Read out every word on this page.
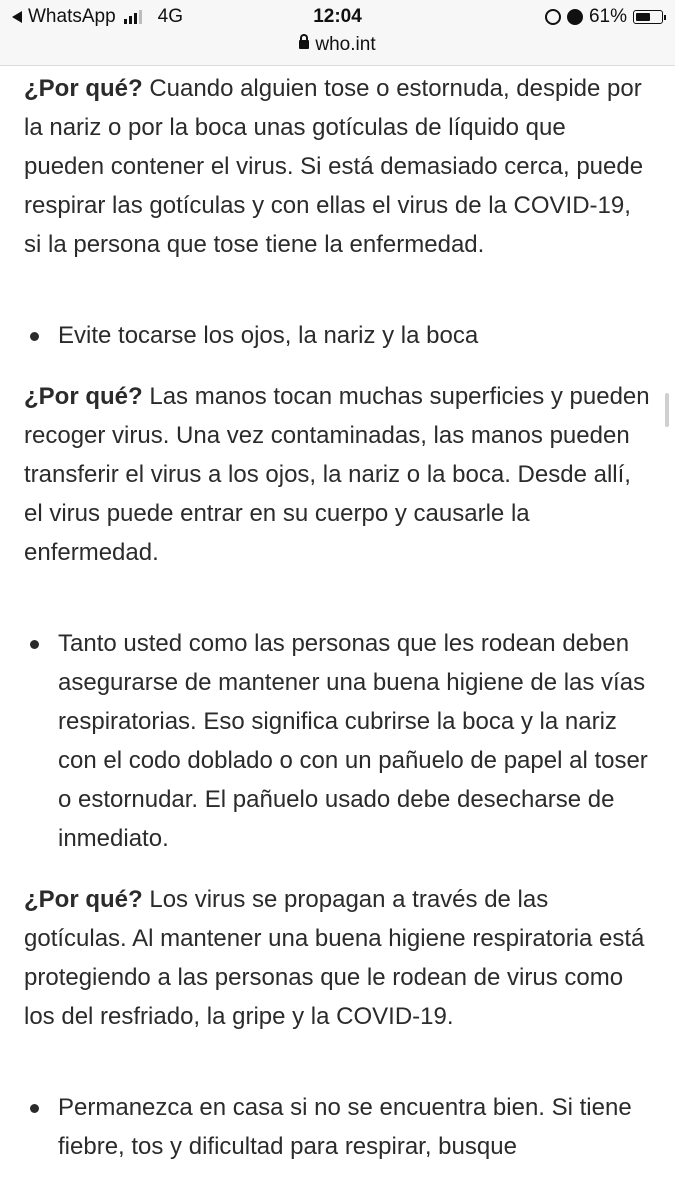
WhatsApp 4G	12:04	61%
who.int

¿Por qué? Cuando alguien tose o estornuda, despide por la nariz o por la boca unas gotículas de líquido que pueden contener el virus. Si está demasiado cerca, puede respirar las gotículas y con ellas el virus de la COVID-19, si la persona que tose tiene la enfermedad.

Evite tocarse los ojos, la nariz y la boca

¿Por qué? Las manos tocan muchas superficies y pueden recoger virus. Una vez contaminadas, las manos pueden transferir el virus a los ojos, la nariz o la boca. Desde allí, el virus puede entrar en su cuerpo y causarle la enfermedad.

Tanto usted como las personas que les rodean deben asegurarse de mantener una buena higiene de las vías respiratorias. Eso significa cubrirse la boca y la nariz con el codo doblado o con un pañuelo de papel al toser o estornudar. El pañuelo usado debe desecharse de inmediato.

¿Por qué? Los virus se propagan a través de las gotículas. Al mantener una buena higiene respiratoria está protegiendo a las personas que le rodean de virus como los del resfriado, la gripe y la COVID-19.

Permanezca en casa si no se encuentra bien. Si tiene fiebre, tos y dificultad para respirar, busque
